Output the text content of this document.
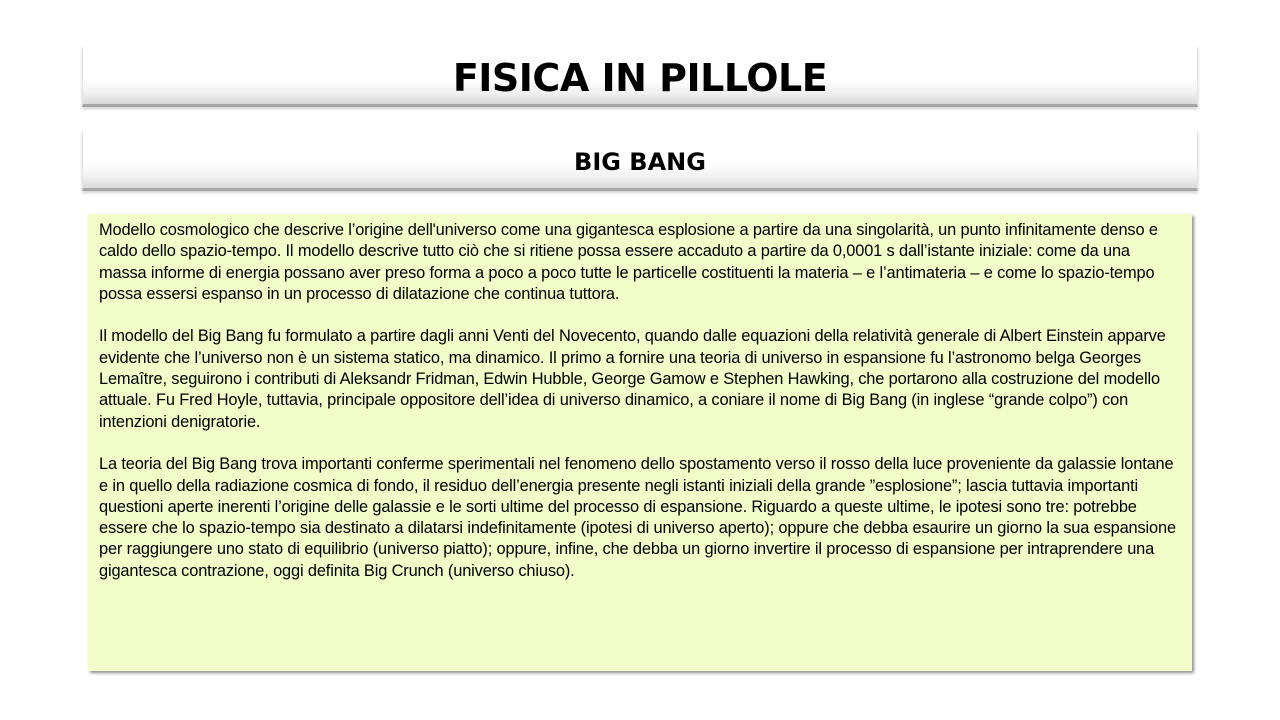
FISICA IN PILLOLE
BIG BANG

Modello cosmologico che descrive l’origine dell'universo come una gigantesca esplosione a partire da una singolarità, un punto infinitamente denso e caldo dello spazio-tempo. Il modello descrive tutto ciò che si ritiene possa essere accaduto a partire da 0,0001 s dall’istante iniziale: come da una massa informe di energia possano aver preso forma a poco a poco tutte le particelle costituenti la materia – e l’antimateria – e come lo spazio-tempo possa essersi espanso in un processo di dilatazione che continua tuttora.

Il modello del Big Bang fu formulato a partire dagli anni Venti del Novecento, quando dalle equazioni della relatività generale di Albert Einstein apparve evidente che l’universo non è un sistema statico, ma dinamico. Il primo a fornire una teoria di universo in espansione fu l’astronomo belga Georges Lemaître, seguirono i contributi di Aleksandr Fridman, Edwin Hubble, George Gamow e Stephen Hawking, che portarono alla costruzione del modello attuale. Fu Fred Hoyle, tuttavia, principale oppositore dell’idea di universo dinamico, a coniare il nome di Big Bang (in inglese “grande colpo”) con intenzioni denigratorie.

La teoria del Big Bang trova importanti conferme sperimentali nel fenomeno dello spostamento verso il rosso della luce proveniente da galassie lontane e in quello della radiazione cosmica di fondo, il residuo dell’energia presente negli istanti iniziali della grande ”esplosione”; lascia tuttavia importanti questioni aperte inerenti l’origine delle galassie e le sorti ultime del processo di espansione. Riguardo a queste ultime, le ipotesi sono tre: potrebbe essere che lo spazio-tempo sia destinato a dilatarsi indefinitamente (ipotesi di universo aperto); oppure che debba esaurire un giorno la sua espansione per raggiungere uno stato di equilibrio (universo piatto); oppure, infine, che debba un giorno invertire il processo di espansione per intraprendere una gigantesca contrazione, oggi definita Big Crunch (universo chiuso).
